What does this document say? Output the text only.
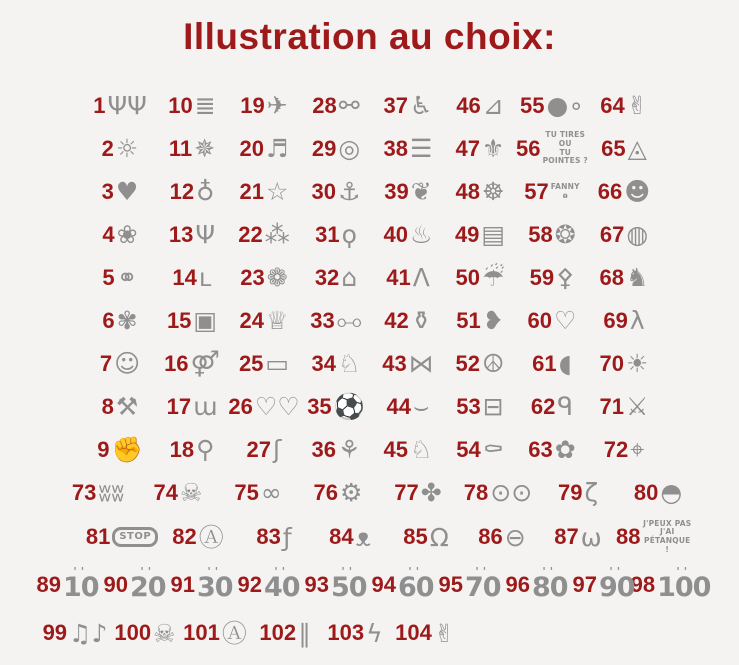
Illustration au choix:
1 ΨΨ 10 ≣ 19 ✈ 28 ⚯ 37 ♿ 46 ⊿ 55 ●∘ 64 ✌
2 ☼ 11 ✵ 20 ♬ 29 ◎ 38 ☰ 47 ⚜ 56
TU TIRES
OU
TU POINTES ?
65 ◬
3 ♥ 12 ♁ 21 ☆ 30 ⚓ 39 ❦ 48 ☸ 57 FANNY
ɷ	66 ☻
4 ❀ 13 Ψ 22 ⁂ 31 ϙ 40 ♨ 49 ▤ 58 ❂ 67 ◍
5 ⚭ 14 ʟ 23 ❁ 32 ⌂ 41 Λ 50 ☔ 59 ⚴ 68 ♞
6 ✾ 15 ▣ 24 ♕ 33 ⧟ 42 ⚱ 51 ❥ 60 ♡ 69 λ
7 ☺ 16 ⚤ 25 ▭ 34 ♘ 43 ⋈ 52 ☮ 61 ◖ 70 ☀
8 ⚒ 17 ɯ 26 ♡♡ 35 ⚽ 44 ⌣ 53 ⊟ 62 ᑫ 71 ⚔
9 ✊ 18 ⚲ 27 ʃ 36 ⚘ 45 ♘ 54 ⚰ 63 ✿ 72 ⌖
73 ʬʬ 74 ☠ 75 ∞ 76 ⚙ 77 ✤ 78 ⊙⊙ 79 ζ 80 ◓
81 STOP 82 Ⓐ 83 ƒ 84 ᴥ 85 Ω 86 ⊖ 87 ω 88
J'PEUX PAS
J'AI
PÉTANQUE !
89 '' 10 90 '' 20 91 '' 30 92 '' 40 93 '' 50 94 '' 60 95 '' 70 96 '' 80 97 '' 90
98 '' 100
99 ♫♪ 100 ☠ 101 Ⓐ 102 ∥ 103 ϟ 104 ✌
